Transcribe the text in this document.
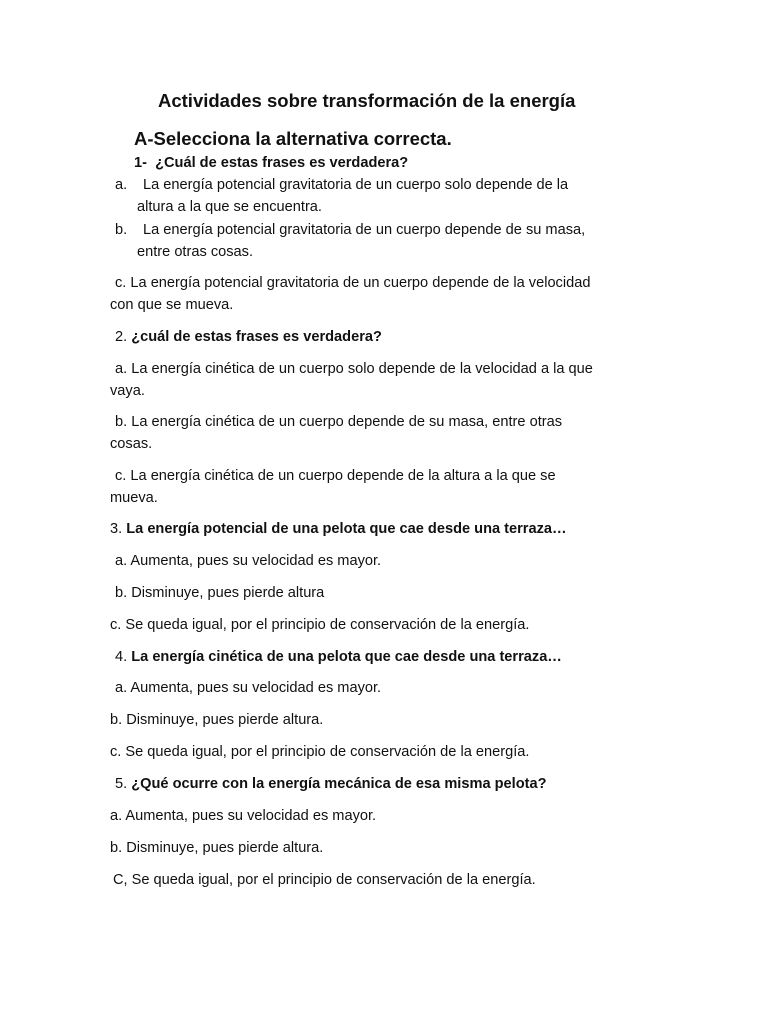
Actividades sobre transformación de la energía
A-Selecciona la alternativa correcta.
1- ¿Cuál de estas frases es verdadera?
a. La energía potencial gravitatoria de un cuerpo solo depende de la
altura a la que se encuentra.
b. La energía potencial gravitatoria de un cuerpo depende de su masa,
entre otras cosas.
c. La energía potencial gravitatoria de un cuerpo depende de la velocidad
con que se mueva.
2. ¿cuál de estas frases es verdadera?
a. La energía cinética de un cuerpo solo depende de la velocidad a la que
vaya.
b. La energía cinética de un cuerpo depende de su masa, entre otras
cosas.
c. La energía cinética de un cuerpo depende de la altura a la que se
mueva.
3. La energía potencial de una pelota que cae desde una terraza…
a. Aumenta, pues su velocidad es mayor.
b. Disminuye, pues pierde altura
c. Se queda igual, por el principio de conservación de la energía.
4. La energía cinética de una pelota que cae desde una terraza…
a. Aumenta, pues su velocidad es mayor.
b. Disminuye, pues pierde altura.
c. Se queda igual, por el principio de conservación de la energía.
5. ¿Qué ocurre con la energía mecánica de esa misma pelota?
a. Aumenta, pues su velocidad es mayor.
b. Disminuye, pues pierde altura.
C, Se queda igual, por el principio de conservación de la energía.
